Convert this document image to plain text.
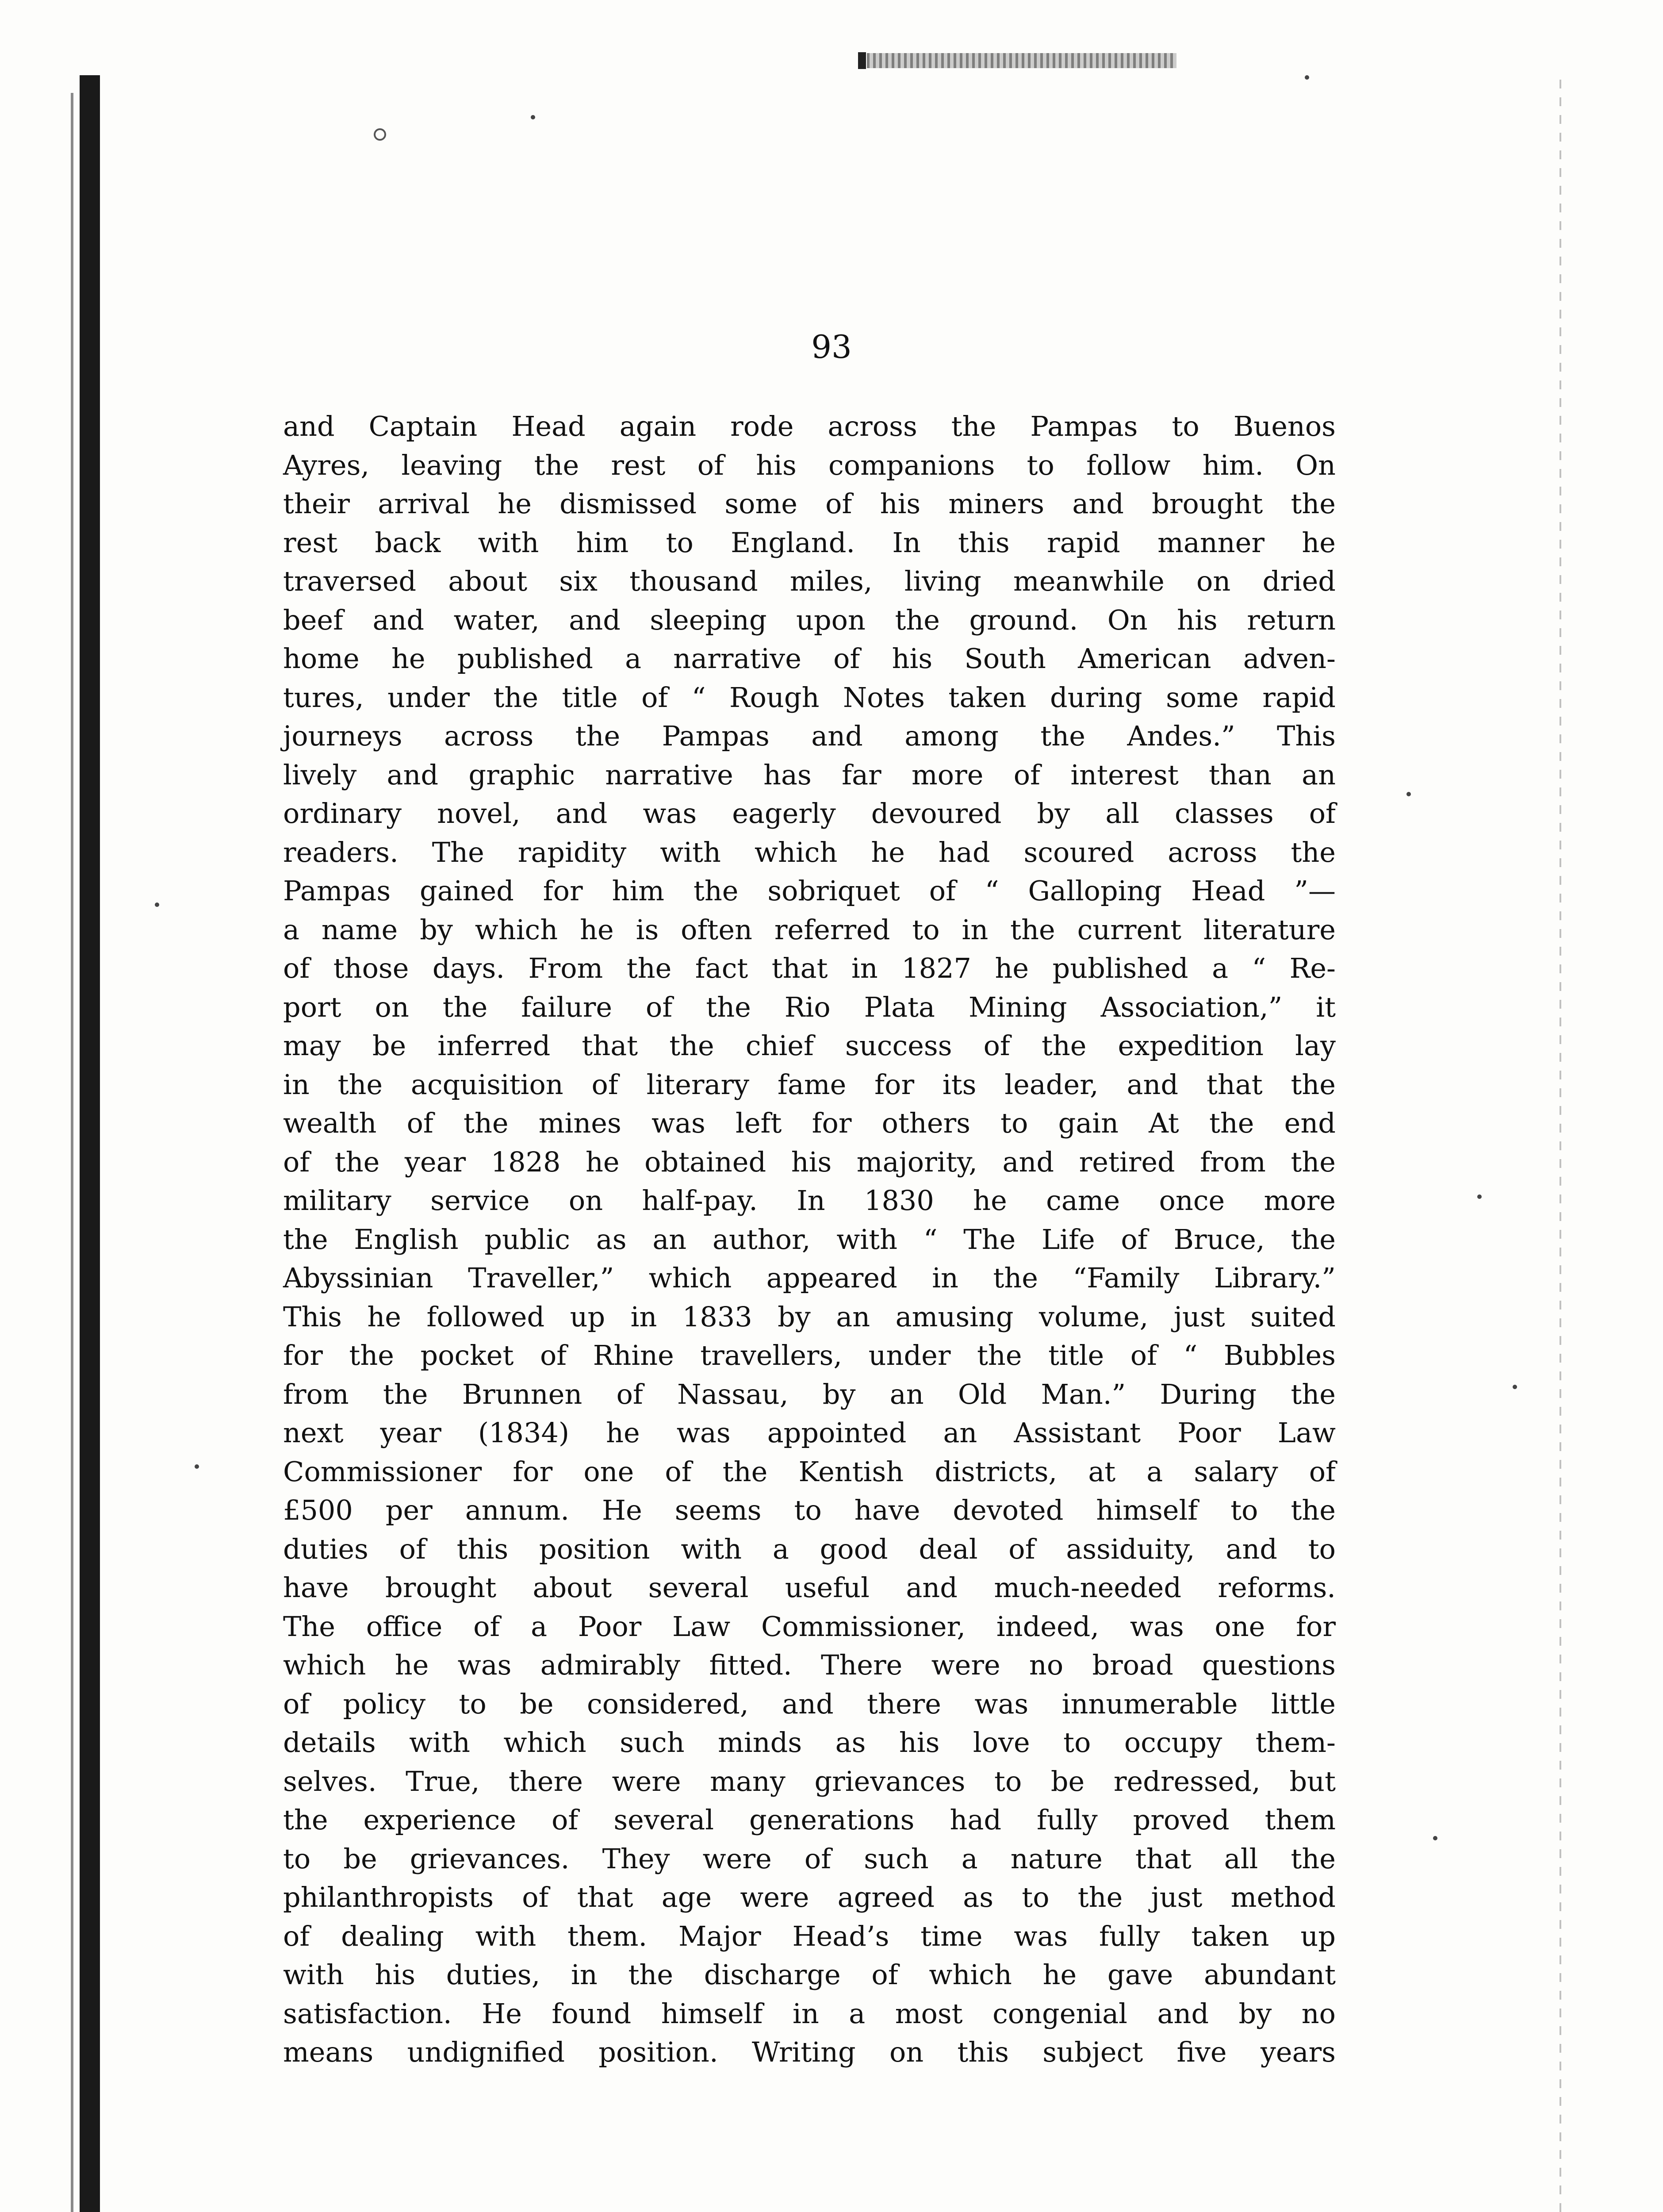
93
and Captain Head again rode across the Pampas to Buenos
Ayres, leaving the rest of his companions to follow him. On
their arrival he dismissed some of his miners and brought the
rest back with him to England. In this rapid manner he
traversed about six thousand miles, living meanwhile on dried
beef and water, and sleeping upon the ground. On his return
home he published a narrative of his South American adven-
tures, under the title of “ Rough Notes taken during some rapid
journeys across the Pampas and among the Andes.” This
lively and graphic narrative has far more of interest than an
ordinary novel, and was eagerly devoured by all classes of
readers. The rapidity with which he had scoured across the
Pampas gained for him the sobriquet of “ Galloping Head ”—
a name by which he is often referred to in the current literature
of those days. From the fact that in 1827 he published a “ Re-
port on the failure of the Rio Plata Mining Association,” it
may be inferred that the chief success of the expedition lay
in the acquisition of literary fame for its leader, and that the
wealth of the mines was left for others to gain At the end
of the year 1828 he obtained his majority, and retired from the
military service on half-pay. In 1830 he came once more
the English public as an author, with “ The Life of Bruce, the
Abyssinian Traveller,” which appeared in the “Family Library.”
This he followed up in 1833 by an amusing volume, just suited
for the pocket of Rhine travellers, under the title of “ Bubbles
from the Brunnen of Nassau, by an Old Man.” During the
next year (1834) he was appointed an Assistant Poor Law
Commissioner for one of the Kentish districts, at a salary of
£500 per annum. He seems to have devoted himself to the
duties of this position with a good deal of assiduity, and to
have brought about several useful and much-needed reforms.
The office of a Poor Law Commissioner, indeed, was one for
which he was admirably fitted. There were no broad questions
of policy to be considered, and there was innumerable little
details with which such minds as his love to occupy them-
selves. True, there were many grievances to be redressed, but
the experience of several generations had fully proved them
to be grievances. They were of such a nature that all the
philanthropists of that age were agreed as to the just method
of dealing with them. Major Head’s time was fully taken up
with his duties, in the discharge of which he gave abundant
satisfaction. He found himself in a most congenial and by no
means undignified position. Writing on this subject five years
